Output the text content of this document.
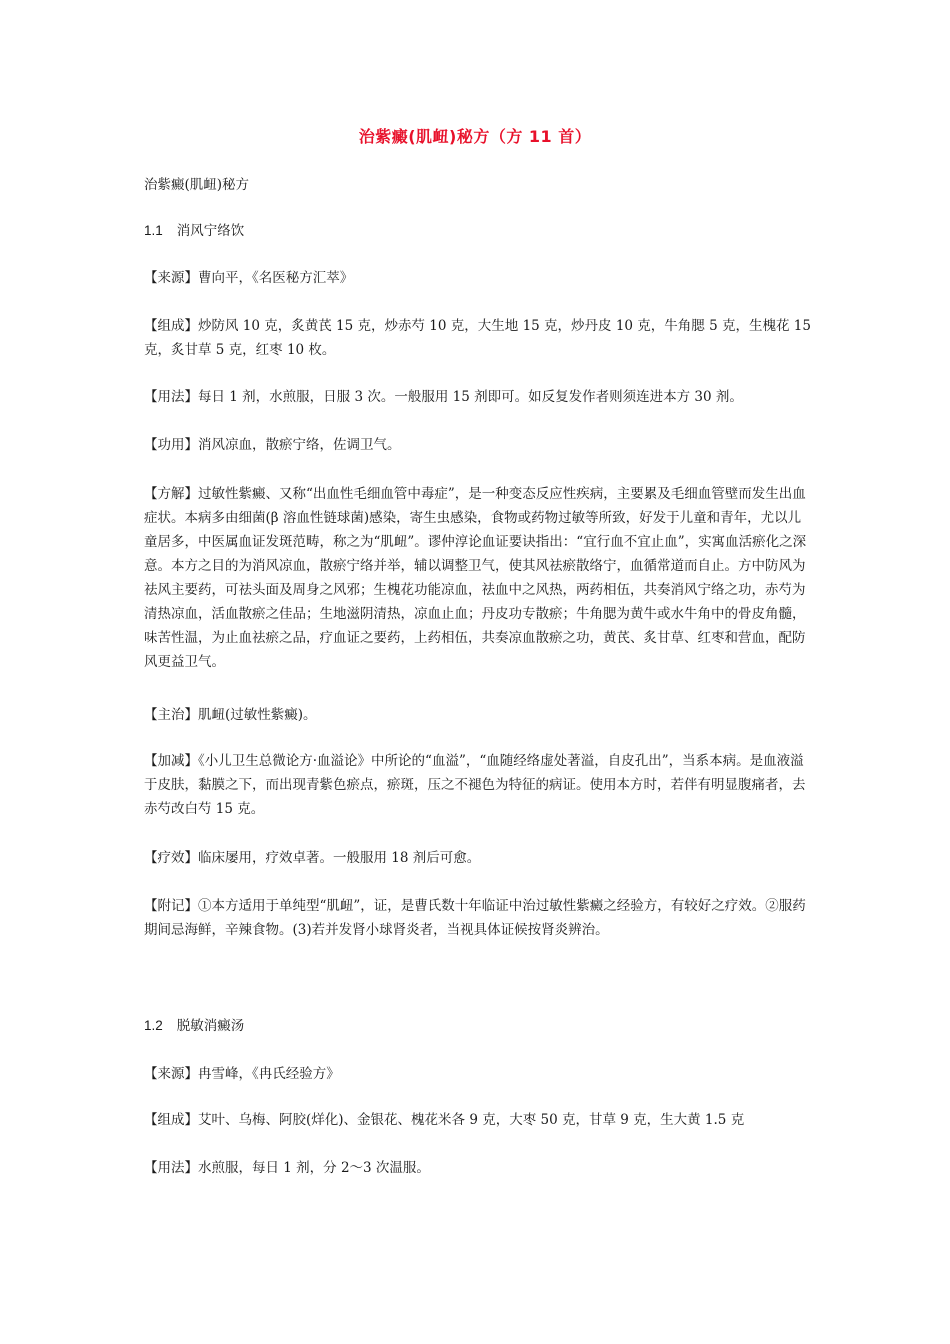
治紫癜(肌衄)秘方（方 11 首）

治紫癜(肌衄)秘方

1.1 消风宁络饮

【来源】曹向平，《名医秘方汇萃》

【组成】炒防风 10 克，炙黄芪 15 克，炒赤芍 10 克，大生地 15 克，炒丹皮 10 克，牛角腮 5 克，生槐花 15 克，炙甘草 5 克，红枣 10 枚。

【用法】每日 1 剂，水煎服，日服 3 次。一般服用 15 剂即可。如反复发作者则须连进本方 30 剂。

【功用】消风凉血，散瘀宁络，佐调卫气。

【方解】过敏性紫癜、又称“出血性毛细血管中毒症”，是一种变态反应性疾病，主要累及毛细血管壁而发生出血症状。本病多由细菌(β 溶血性链球菌)感染，寄生虫感染，食物或药物过敏等所致，好发于儿童和青年，尤以儿童居多，中医属血证发斑范畴，称之为“肌衄”。谬仲淳论血证要诀指出：“宜行血不宜止血”，实寓血活瘀化之深意。本方之目的为消风凉血，散瘀宁络并举，辅以调整卫气，使其风祛瘀散络宁，血循常道而自止。方中防风为祛风主要药，可祛头面及周身之风邪；生槐花功能凉血，祛血中之风热，两药相伍，共奏消风宁络之功，赤芍为清热凉血，活血散瘀之佳品；生地滋阴清热，凉血止血；丹皮功专散瘀；牛角腮为黄牛或水牛角中的骨皮角髓，味苦性温，为止血祛瘀之品，疗血证之要药，上药相伍，共奏凉血散瘀之功，黄芪、炙甘草、红枣和营血，配防风更益卫气。

【主治】肌衄(过敏性紫癜)。

【加减】《小儿卫生总微论方·血溢论》中所论的“血溢”，“血随经络虚处著溢，自皮孔出”，当系本病。是血液溢于皮肤，黏膜之下，而出现青紫色瘀点，瘀斑，压之不褪色为特征的病证。使用本方时，若伴有明显腹痛者，去赤芍改白芍 15 克。

【疗效】临床屡用，疗效卓著。一般服用 18 剂后可愈。

【附记】①本方适用于单纯型“肌衄”，证，是曹氏数十年临证中治过敏性紫癜之经验方，有较好之疗效。②服药期间忌海鲜，辛辣食物。(3)若并发肾小球肾炎者，当视具体证候按肾炎辨治。

1.2 脱敏消癜汤

【来源】冉雪峰，《冉氏经验方》

【组成】艾叶、乌梅、阿胶(烊化)、金银花、槐花米各 9 克，大枣 50 克，甘草 9 克，生大黄 1.5 克

【用法】水煎服，每日 1 剂，分 2～3 次温服。
